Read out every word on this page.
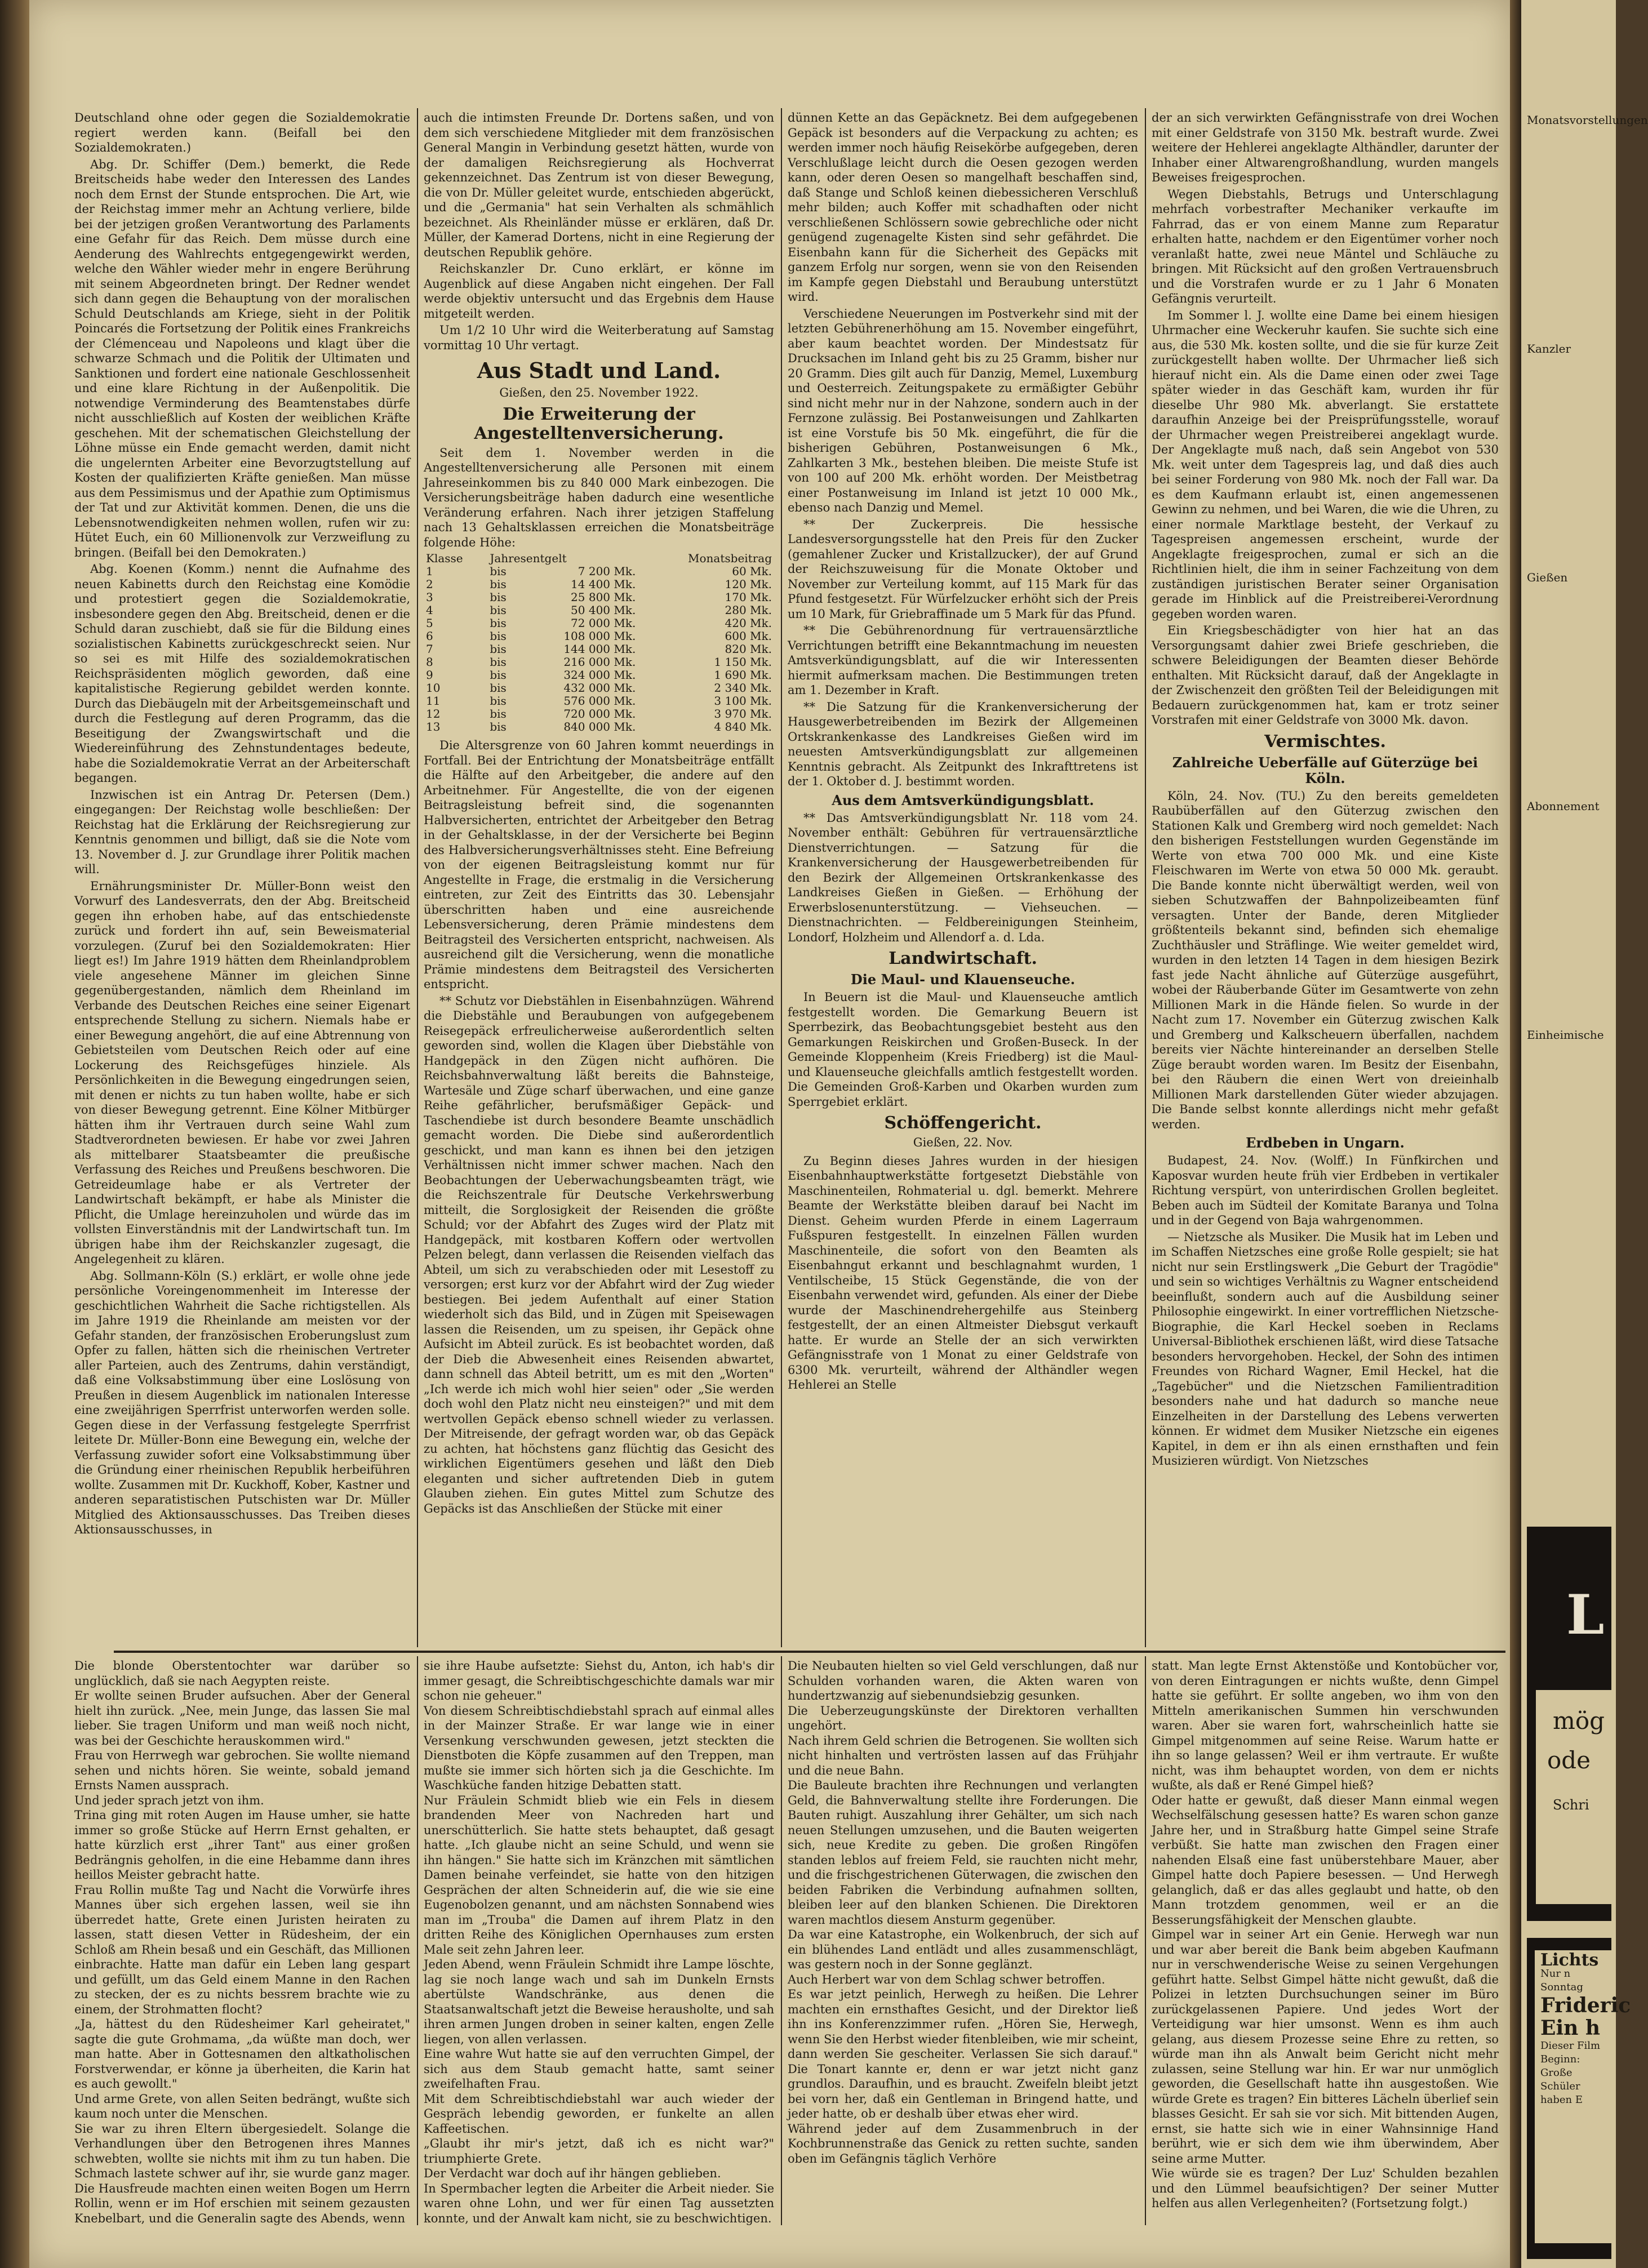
Deutschland ohne oder gegen die Sozialdemokratie regiert werden kann. (Beifall bei den Sozialdemokraten.)

Abg. Dr. Schiffer (Dem.) bemerkt, die Rede Breitscheids habe weder den Interessen des Landes noch dem Ernst der Stunde entsprochen. Die Art, wie der Reichstag immer mehr an Achtung verliere, bilde bei der jetzigen großen Verantwortung des Parlaments eine Gefahr für das Reich. Dem müsse durch eine Aenderung des Wahlrechts entgegengewirkt werden, welche den Wähler wieder mehr in engere Berührung mit seinem Abgeordneten bringt. Der Redner wendet sich dann gegen die Behauptung von der moralischen Schuld Deutschlands am Kriege, sieht in der Politik Poincarés die Fortsetzung der Politik eines Frankreichs der Clémenceau und Napoleons und klagt über die schwarze Schmach und die Politik der Ultimaten und Sanktionen und fordert eine nationale Geschlossenheit und eine klare Richtung in der Außenpolitik. Die notwendige Verminderung des Beamtenstabes dürfe nicht ausschließlich auf Kosten der weiblichen Kräfte geschehen. Mit der schematischen Gleichstellung der Löhne müsse ein Ende gemacht werden, damit nicht die ungelernten Arbeiter eine Bevorzugtstellung auf Kosten der qualifizierten Kräfte genießen. Man müsse aus dem Pessimismus und der Apathie zum Optimismus der Tat und zur Aktivität kommen. Denen, die uns die Lebensnotwendigkeiten nehmen wollen, rufen wir zu: Hütet Euch, ein 60 Millionenvolk zur Verzweiflung zu bringen. (Beifall bei den Demokraten.)

Abg. Koenen (Komm.) nennt die Aufnahme des neuen Kabinetts durch den Reichstag eine Komödie und protestiert gegen die Sozialdemokratie, insbesondere gegen den Abg. Breitscheid, denen er die Schuld daran zuschiebt, daß sie für die Bildung eines sozialistischen Kabinetts zurückgeschreckt seien. Nur so sei es mit Hilfe des sozialdemokratischen Reichspräsidenten möglich geworden, daß eine kapitalistische Regierung gebildet werden konnte. Durch das Diebäugeln mit der Arbeitsgemeinschaft und durch die Festlegung auf deren Programm, das die Beseitigung der Zwangswirtschaft und die Wiedereinführung des Zehnstundentages bedeute, habe die Sozialdemokratie Verrat an der Arbeiterschaft begangen.

Inzwischen ist ein Antrag Dr. Petersen (Dem.) eingegangen: Der Reichstag wolle beschließen: Der Reichstag hat die Erklärung der Reichsregierung zur Kenntnis genommen und billigt, daß sie die Note vom 13. November d. J. zur Grundlage ihrer Politik machen will.

Ernährungsminister Dr. Müller-Bonn weist den Vorwurf des Landesverrats, den der Abg. Breitscheid gegen ihn erhoben habe, auf das entschiedenste zurück und fordert ihn auf, sein Beweismaterial vorzulegen. (Zuruf bei den Sozialdemokraten: Hier liegt es!) Im Jahre 1919 hätten dem Rheinlandproblem viele angesehene Männer im gleichen Sinne gegenübergestanden, nämlich dem Rheinland im Verbande des Deutschen Reiches eine seiner Eigenart entsprechende Stellung zu sichern. Niemals habe er einer Bewegung angehört, die auf eine Abtrennung von Gebietsteilen vom Deutschen Reich oder auf eine Lockerung des Reichsgefüges hinziele. Als Persönlichkeiten in die Bewegung eingedrungen seien, mit denen er nichts zu tun haben wollte, habe er sich von dieser Bewegung getrennt. Eine Kölner Mitbürger hätten ihm ihr Vertrauen durch seine Wahl zum Stadtverordneten bewiesen. Er habe vor zwei Jahren als mittelbarer Staatsbeamter die preußische Verfassung des Reiches und Preußens beschworen. Die Getreideumlage habe er als Vertreter der Landwirtschaft bekämpft, er habe als Minister die Pflicht, die Umlage hereinzuholen und würde das im vollsten Einverständnis mit der Landwirtschaft tun. Im übrigen habe ihm der Reichskanzler zugesagt, die Angelegenheit zu klären.

Abg. Sollmann-Köln (S.) erklärt, er wolle ohne jede persönliche Voreingenommenheit im Interesse der geschichtlichen Wahrheit die Sache richtigstellen. Als im Jahre 1919 die Rheinlande am meisten vor der Gefahr standen, der französischen Eroberungslust zum Opfer zu fallen, hätten sich die rheinischen Vertreter aller Parteien, auch des Zentrums, dahin verständigt, daß eine Volksabstimmung über eine Loslösung von Preußen in diesem Augenblick im nationalen Interesse eine zweijährigen Sperrfrist unterworfen werden solle. Gegen diese in der Verfassung festgelegte Sperrfrist leitete Dr. Müller-Bonn eine Bewegung ein, welche der Verfassung zuwider sofort eine Volksabstimmung über die Gründung einer rheinischen Republik herbeiführen wollte. Zusammen mit Dr. Kuckhoff, Kober, Kastner und anderen separatistischen Putschisten war Dr. Müller Mitglied des Aktionsausschusses. Das Treiben dieses Aktionsausschusses, in

auch die intimsten Freunde Dr. Dortens saßen, und von dem sich verschiedene Mitglieder mit dem französischen General Mangin in Verbindung gesetzt hätten, wurde von der damaligen Reichsregierung als Hochverrat gekennzeichnet. Das Zentrum ist von dieser Bewegung, die von Dr. Müller geleitet wurde, entschieden abgerückt, und die „Germania" hat sein Verhalten als schmählich bezeichnet. Als Rheinländer müsse er erklären, daß Dr. Müller, der Kamerad Dortens, nicht in eine Regierung der deutschen Republik gehöre.

Reichskanzler Dr. Cuno erklärt, er könne im Augenblick auf diese Angaben nicht eingehen. Der Fall werde objektiv untersucht und das Ergebnis dem Hause mitgeteilt werden.

Um 1/2 10 Uhr wird die Weiterberatung auf Samstag vormittag 10 Uhr vertagt.

Aus Stadt und Land.
Gießen, den 25. November 1922.
Die Erweiterung der Angestelltenversicherung.

Seit dem 1. November werden in die Angestelltenversicherung alle Personen mit einem Jahreseinkommen bis zu 840 000 Mark einbezogen. Die Versicherungsbeiträge haben dadurch eine wesentliche Veränderung erfahren. Nach ihrer jetzigen Staffelung nach 13 Gehaltsklassen erreichen die Monatsbeiträge folgende Höhe:

Klasse	Jahresentgelt		Monatsbeitrag
1	bis	7 200 Mk.	60 Mk.
2	bis	14 400 Mk.	120 Mk.
3	bis	25 800 Mk.	170 Mk.
4	bis	50 400 Mk.	280 Mk.
5	bis	72 000 Mk.	420 Mk.
6	bis	108 000 Mk.	600 Mk.
7	bis	144 000 Mk.	820 Mk.
8	bis	216 000 Mk.	1 150 Mk.
9	bis	324 000 Mk.	1 690 Mk.
10	bis	432 000 Mk.	2 340 Mk.
11	bis	576 000 Mk.	3 100 Mk.
12	bis	720 000 Mk.	3 970 Mk.
13	bis	840 000 Mk.	4 840 Mk.

Die Altersgrenze von 60 Jahren kommt neuerdings in Fortfall. Bei der Entrichtung der Monatsbeiträge entfällt die Hälfte auf den Arbeitgeber, die andere auf den Arbeitnehmer. Für Angestellte, die von der eigenen Beitragsleistung befreit sind, die sogenannten Halbversicherten, entrichtet der Arbeitgeber den Betrag in der Gehaltsklasse, in der der Versicherte bei Beginn des Halbversicherungsverhältnisses steht. Eine Befreiung von der eigenen Beitragsleistung kommt nur für Angestellte in Frage, die erstmalig in die Versicherung eintreten, zur Zeit des Eintritts das 30. Lebensjahr überschritten haben und eine ausreichende Lebensversicherung, deren Prämie mindestens dem Beitragsteil des Versicherten entspricht, nachweisen. Als ausreichend gilt die Versicherung, wenn die monatliche Prämie mindestens dem Beitragsteil des Versicherten entspricht.

** Schutz vor Diebstählen in Eisenbahnzügen. Während die Diebstähle und Beraubungen von aufgegebenem Reisegepäck erfreulicherweise außerordentlich selten geworden sind, wollen die Klagen über Diebstähle von Handgepäck in den Zügen nicht aufhören. Die Reichsbahnverwaltung läßt bereits die Bahnsteige, Wartesäle und Züge scharf überwachen, und eine ganze Reihe gefährlicher, berufsmäßiger Gepäck- und Taschendiebe ist durch besondere Beamte unschädlich gemacht worden. Die Diebe sind außerordentlich geschickt, und man kann es ihnen bei den jetzigen Verhältnissen nicht immer schwer machen. Nach den Beobachtungen der Ueberwachungsbeamten trägt, wie die Reichszentrale für Deutsche Verkehrswerbung mitteilt, die Sorglosigkeit der Reisenden die größte Schuld; vor der Abfahrt des Zuges wird der Platz mit Handgepäck, mit kostbaren Koffern oder wertvollen Pelzen belegt, dann verlassen die Reisenden vielfach das Abteil, um sich zu verabschieden oder mit Lesestoff zu versorgen; erst kurz vor der Abfahrt wird der Zug wieder bestiegen. Bei jedem Aufenthalt auf einer Station wiederholt sich das Bild, und in Zügen mit Speisewagen lassen die Reisenden, um zu speisen, ihr Gepäck ohne Aufsicht im Abteil zurück. Es ist beobachtet worden, daß der Dieb die Abwesenheit eines Reisenden abwartet, dann schnell das Abteil betritt, um es mit den „Worten" „Ich werde ich mich wohl hier seien" oder „Sie werden doch wohl den Platz nicht neu einsteigen?" und mit dem wertvollen Gepäck ebenso schnell wieder zu verlassen. Der Mitreisende, der gefragt worden war, ob das Gepäck zu achten, hat höchstens ganz flüchtig das Gesicht des wirklichen Eigentümers gesehen und läßt den Dieb eleganten und sicher auftretenden Dieb in gutem Glauben ziehen. Ein gutes Mittel zum Schutze des Gepäcks ist das Anschließen der Stücke mit einer

dünnen Kette an das Gepäcknetz. Bei dem aufgegebenen Gepäck ist besonders auf die Verpackung zu achten; es werden immer noch häufig Reisekörbe aufgegeben, deren Verschlußlage leicht durch die Oesen gezogen werden kann, oder deren Oesen so mangelhaft beschaffen sind, daß Stange und Schloß keinen diebessicheren Verschluß mehr bilden; auch Koffer mit schadhaften oder nicht verschließenen Schlössern sowie gebrechliche oder nicht genügend zugenagelte Kisten sind sehr gefährdet. Die Eisenbahn kann für die Sicherheit des Gepäcks mit ganzem Erfolg nur sorgen, wenn sie von den Reisenden im Kampfe gegen Diebstahl und Beraubung unterstützt wird.

Verschiedene Neuerungen im Postverkehr sind mit der letzten Gebührenerhöhung am 15. November eingeführt, aber kaum beachtet worden. Der Mindestsatz für Drucksachen im Inland geht bis zu 25 Gramm, bisher nur 20 Gramm. Dies gilt auch für Danzig, Memel, Luxemburg und Oesterreich. Zeitungspakete zu ermäßigter Gebühr sind nicht mehr nur in der Nahzone, sondern auch in der Fernzone zulässig. Bei Postanweisungen und Zahlkarten ist eine Vorstufe bis 50 Mk. eingeführt, die für die bisherigen Gebühren, Postanweisungen 6 Mk., Zahlkarten 3 Mk., bestehen bleiben. Die meiste Stufe ist von 100 auf 200 Mk. erhöht worden. Der Meistbetrag einer Postanweisung im Inland ist jetzt 10 000 Mk., ebenso nach Danzig und Memel.

** Der Zuckerpreis. Die hessische Landesversorgungsstelle hat den Preis für den Zucker (gemahlener Zucker und Kristallzucker), der auf Grund der Reichszuweisung für die Monate Oktober und November zur Verteilung kommt, auf 115 Mark für das Pfund festgesetzt. Für Würfelzucker erhöht sich der Preis um 10 Mark, für Griebraffinade um 5 Mark für das Pfund.

** Die Gebührenordnung für vertrauensärztliche Verrichtungen betrifft eine Bekanntmachung im neuesten Amtsverkündigungsblatt, auf die wir Interessenten hiermit aufmerksam machen. Die Bestimmungen treten am 1. Dezember in Kraft.

** Die Satzung für die Krankenversicherung der Hausgewerbetreibenden im Bezirk der Allgemeinen Ortskrankenkasse des Landkreises Gießen wird im neuesten Amtsverkündigungsblatt zur allgemeinen Kenntnis gebracht. Als Zeitpunkt des Inkrafttretens ist der 1. Oktober d. J. bestimmt worden.

Aus dem Amtsverkündigungsblatt.

** Das Amtsverkündigungsblatt Nr. 118 vom 24. November enthält: Gebühren für vertrauensärztliche Dienstverrichtungen. — Satzung für die Krankenversicherung der Hausgewerbetreibenden für den Bezirk der Allgemeinen Ortskrankenkasse des Landkreises Gießen in Gießen. — Erhöhung der Erwerbslosenunterstützung. — Viehseuchen. — Dienstnachrichten. — Feldbereinigungen Steinheim, Londorf, Holzheim und Allendorf a. d. Lda.

Landwirtschaft.
Die Maul- und Klauenseuche.

In Beuern ist die Maul- und Klauenseuche amtlich festgestellt worden. Die Gemarkung Beuern ist Sperrbezirk, das Beobachtungsgebiet besteht aus den Gemarkungen Reiskirchen und Großen-Buseck. In der Gemeinde Kloppenheim (Kreis Friedberg) ist die Maul- und Klauenseuche gleichfalls amtlich festgestellt worden. Die Gemeinden Groß-Karben und Okarben wurden zum Sperrgebiet erklärt.

Schöffengericht.
Gießen, 22. Nov.

Zu Beginn dieses Jahres wurden in der hiesigen Eisenbahnhauptwerkstätte fortgesetzt Diebstähle von Maschinenteilen, Rohmaterial u. dgl. bemerkt. Mehrere Beamte der Werkstätte bleiben darauf bei Nacht im Dienst. Geheim wurden Pferde in einem Lagerraum Fußspuren festgestellt. In einzelnen Fällen wurden Maschinenteile, die sofort von den Beamten als Eisenbahngut erkannt und beschlagnahmt wurden, 1 Ventilscheibe, 15 Stück Gegenstände, die von der Eisenbahn verwendet wird, gefunden. Als einer der Diebe wurde der Maschinendrehergehilfe aus Steinberg festgestellt, der an einen Altmeister Diebsgut verkauft hatte. Er wurde an Stelle der an sich verwirkten Gefängnisstrafe von 1 Monat zu einer Geldstrafe von 6300 Mk. verurteilt, während der Althändler wegen Hehlerei an Stelle

der an sich verwirkten Gefängnisstrafe von drei Wochen mit einer Geldstrafe von 3150 Mk. bestraft wurde. Zwei weitere der Hehlerei angeklagte Althändler, darunter der Inhaber einer Altwarengroßhandlung, wurden mangels Beweises freigesprochen.

Wegen Diebstahls, Betrugs und Unterschlagung mehrfach vorbestrafter Mechaniker verkaufte im Fahrrad, das er von einem Manne zum Reparatur erhalten hatte, nachdem er den Eigentümer vorher noch veranlaßt hatte, zwei neue Mäntel und Schläuche zu bringen. Mit Rücksicht auf den großen Vertrauensbruch und die Vorstrafen wurde er zu 1 Jahr 6 Monaten Gefängnis verurteilt.

Im Sommer l. J. wollte eine Dame bei einem hiesigen Uhrmacher eine Weckeruhr kaufen. Sie suchte sich eine aus, die 530 Mk. kosten sollte, und die sie für kurze Zeit zurückgestellt haben wollte. Der Uhrmacher ließ sich hierauf nicht ein. Als die Dame einen oder zwei Tage später wieder in das Geschäft kam, wurden ihr für dieselbe Uhr 980 Mk. abverlangt. Sie erstattete daraufhin Anzeige bei der Preisprüfungsstelle, worauf der Uhrmacher wegen Preistreiberei angeklagt wurde. Der Angeklagte muß nach, daß sein Angebot von 530 Mk. weit unter dem Tagespreis lag, und daß dies auch bei seiner Forderung von 980 Mk. noch der Fall war. Da es dem Kaufmann erlaubt ist, einen angemessenen Gewinn zu nehmen, und bei Waren, die wie die Uhren, zu einer normale Marktlage besteht, der Verkauf zu Tagespreisen angemessen erscheint, wurde der Angeklagte freigesprochen, zumal er sich an die Richtlinien hielt, die ihm in seiner Fachzeitung von dem zuständigen juristischen Berater seiner Organisation gerade im Hinblick auf die Preistreiberei-Verordnung gegeben worden waren.

Ein Kriegsbeschädigter von hier hat an das Versorgungsamt dahier zwei Briefe geschrieben, die schwere Beleidigungen der Beamten dieser Behörde enthalten. Mit Rücksicht darauf, daß der Angeklagte in der Zwischenzeit den größten Teil der Beleidigungen mit Bedauern zurückgenommen hat, kam er trotz seiner Vorstrafen mit einer Geldstrafe von 3000 Mk. davon.

Vermischtes.
Zahlreiche Ueberfälle auf Güterzüge bei Köln.

Köln, 24. Nov. (TU.) Zu den bereits gemeldeten Raubüberfällen auf den Güterzug zwischen den Stationen Kalk und Gremberg wird noch gemeldet: Nach den bisherigen Feststellungen wurden Gegenstände im Werte von etwa 700 000 Mk. und eine Kiste Fleischwaren im Werte von etwa 50 000 Mk. geraubt. Die Bande konnte nicht überwältigt werden, weil von sieben Schutzwaffen der Bahnpolizeibeamten fünf versagten. Unter der Bande, deren Mitglieder größtenteils bekannt sind, befinden sich ehemalige Zuchthäusler und Sträflinge. Wie weiter gemeldet wird, wurden in den letzten 14 Tagen in dem hiesigen Bezirk fast jede Nacht ähnliche auf Güterzüge ausgeführt, wobei der Räuberbande Güter im Gesamtwerte von zehn Millionen Mark in die Hände fielen. So wurde in der Nacht zum 17. November ein Güterzug zwischen Kalk und Gremberg und Kalkscheuern überfallen, nachdem bereits vier Nächte hintereinander an derselben Stelle Züge beraubt worden waren. Im Besitz der Eisenbahn, bei den Räubern die einen Wert von dreieinhalb Millionen Mark darstellenden Güter wieder abzujagen. Die Bande selbst konnte allerdings nicht mehr gefaßt werden.

Erdbeben in Ungarn.

Budapest, 24. Nov. (Wolff.) In Fünfkirchen und Kaposvar wurden heute früh vier Erdbeben in vertikaler Richtung verspürt, von unterirdischen Grollen begleitet. Beben auch im Südteil der Komitate Baranya und Tolna und in der Gegend von Baja wahrgenommen.

— Nietzsche als Musiker. Die Musik hat im Leben und im Schaffen Nietzsches eine große Rolle gespielt; sie hat nicht nur sein Erstlingswerk „Die Geburt der Tragödie" und sein so wichtiges Verhältnis zu Wagner entscheidend beeinflußt, sondern auch auf die Ausbildung seiner Philosophie eingewirkt. In einer vortrefflichen Nietzsche-Biographie, die Karl Heckel soeben in Reclams Universal-Bibliothek erschienen läßt, wird diese Tatsache besonders hervorgehoben. Heckel, der Sohn des intimen Freundes von Richard Wagner, Emil Heckel, hat die „Tagebücher" und die Nietzschen Familientradition besonders nahe und hat dadurch so manche neue Einzelheiten in der Darstellung des Lebens verwerten können. Er widmet dem Musiker Nietzsche ein eigenes Kapitel, in dem er ihn als einen ernsthaften und fein Musizieren würdigt. Von Nietzsches

Die blonde Oberstentochter war darüber so unglücklich, daß sie nach Aegypten reiste.
Er wollte seinen Bruder aufsuchen. Aber der General hielt ihn zurück. „Nee, mein Junge, das lassen Sie mal lieber. Sie tragen Uniform und man weiß noch nicht, was bei der Geschichte herauskommen wird."
Frau von Herrwegh war gebrochen. Sie wollte niemand sehen und nichts hören. Sie weinte, sobald jemand Ernsts Namen aussprach.
Und jeder sprach jetzt von ihm.
Trina ging mit roten Augen im Hause umher, sie hatte immer so große Stücke auf Herrn Ernst gehalten, er hatte kürzlich erst „ihrer Tant" aus einer großen Bedrängnis geholfen, in die eine Hebamme dann ihres heillos Meister gebracht hatte.
Frau Rollin mußte Tag und Nacht die Vorwürfe ihres Mannes über sich ergehen lassen, weil sie ihn überredet hatte, Grete einen Juristen heiraten zu lassen, statt diesen Vetter in Rüdesheim, der ein Schloß am Rhein besaß und ein Geschäft, das Millionen einbrachte. Hatte man dafür ein Leben lang gespart und gefüllt, um das Geld einem Manne in den Rachen zu stecken, der es zu nichts bessrem brachte wie zu einem, der Strohmatten flocht?
„Ja, hättest du den Rüdesheimer Karl geheiratet," sagte die gute Grohmama, „da wüßte man doch, wer man hatte. Aber in Gottesnamen den altkatholischen Forstverwendar, er könne ja überheiten, die Karin hat es auch gewollt."
Und arme Grete, von allen Seiten bedrängt, wußte sich kaum noch unter die Menschen.
Sie war zu ihren Eltern übergesiedelt. Solange die Verhandlungen über den Betrogenen ihres Mannes schwebten, wollte sie nichts mit ihm zu tun haben. Die Schmach lastete schwer auf ihr, sie wurde ganz mager. Die Hausfreude machten einen weiten Bogen um Herrn Rollin, wenn er im Hof erschien mit seinem gezausten Knebelbart, und die Generalin sagte des Abends, wenn
sie ihre Haube aufsetzte: Siehst du, Anton, ich hab's dir immer gesagt, die Schreibtischgeschichte damals war mir schon nie geheuer."
Von diesem Schreibtischdiebstahl sprach auf einmal alles in der Mainzer Straße. Er war lange wie in einer Versenkung verschwunden gewesen, jetzt steckten die Dienstboten die Köpfe zusammen auf den Treppen, man mußte sie immer sich hörten sich ja die Geschichte. Im Waschküche fanden hitzige Debatten statt.
Nur Fräulein Schmidt blieb wie ein Fels in diesem brandenden Meer von Nachreden hart und unerschütterlich. Sie hatte stets behauptet, daß gesagt hatte. „Ich glaube nicht an seine Schuld, und wenn sie ihn hängen." Sie hatte sich im Kränzchen mit sämtlichen Damen beinahe verfeindet, sie hatte von den hitzigen Gesprächen der alten Schneiderin auf, die wie sie eine Eugenobolzen genannt, und am nächsten Sonnabend wies man im „Trouba" die Damen auf ihrem Platz in den dritten Reihe des Königlichen Opernhauses zum ersten Male seit zehn Jahren leer.
Jeden Abend, wenn Fräulein Schmidt ihre Lampe löschte, lag sie noch lange wach und sah im Dunkeln Ernsts abertülste Wandschränke, aus denen die Staatsanwaltschaft jetzt die Beweise herausholte, und sah ihren armen Jungen droben in seiner kalten, engen Zelle liegen, von allen verlassen.
Eine wahre Wut hatte sie auf den verruchten Gimpel, der sich aus dem Staub gemacht hatte, samt seiner zweifelhaften Frau.
Mit dem Schreibtischdiebstahl war auch wieder der Gespräch lebendig geworden, er funkelte an allen Kaffeetischen.
„Glaubt ihr mir's jetzt, daß ich es nicht war?" triumphierte Grete.
Der Verdacht war doch auf ihr hängen geblieben.
In Spermbacher legten die Arbeiter die Arbeit nieder. Sie waren ohne Lohn, und wer für einen Tag aussetzten konnte, und der Anwalt kam nicht, sie zu beschwichtigen.
Die Neubauten hielten so viel Geld verschlungen, daß nur Schulden vorhanden waren, die Akten waren von hundertzwanzig auf siebenundsiebzig gesunken.
Die Ueberzeugungskünste der Direktoren verhallten ungehört.
Nach ihrem Geld schrien die Betrogenen. Sie wollten sich nicht hinhalten und vertrösten lassen auf das Frühjahr und die neue Bahn.
Die Bauleute brachten ihre Rechnungen und verlangten Geld, die Bahnverwaltung stellte ihre Forderungen. Die Bauten ruhigt. Auszahlung ihrer Gehälter, um sich nach neuen Stellungen umzusehen, und die Bauten weigerten sich, neue Kredite zu geben. Die großen Ringöfen standen leblos auf freiem Feld, sie rauchten nicht mehr, und die frischgestrichenen Güterwagen, die zwischen den beiden Fabriken die Verbindung aufnahmen sollten, bleiben leer auf den blanken Schienen. Die Direktoren waren machtlos diesem Ansturm gegenüber.
Da war eine Katastrophe, ein Wolkenbruch, der sich auf ein blühendes Land entlädt und alles zusammenschlägt, was gestern noch in der Sonne geglänzt.
Auch Herbert war von dem Schlag schwer betroffen.
Es war jetzt peinlich, Herwegh zu heißen. Die Lehrer machten ein ernsthaftes Gesicht, und der Direktor ließ ihn ins Konferenzzimmer rufen. „Hören Sie, Herwegh, wenn Sie den Herbst wieder fitenbleiben, wie mir scheint, dann werden Sie gescheiter. Verlassen Sie sich darauf." Die Tonart kannte er, denn er war jetzt nicht ganz grundlos. Daraufhin, und es braucht. Zweifeln bleibt jetzt bei vorn her, daß ein Gentleman in Bringend hatte, und jeder hatte, ob er deshalb über etwas eher wird.
Während jeder auf dem Zusammenbruch in der Kochbrunnenstraße das Genick zu retten suchte, sanden oben im Gefängnis täglich Verhöre
statt. Man legte Ernst Aktenstöße und Kontobücher vor, von deren Eintragungen er nichts wußte, denn Gimpel hatte sie geführt. Er sollte angeben, wo ihm von den Mitteln amerikanischen Summen hin verschwunden waren. Aber sie waren fort, wahrscheinlich hatte sie Gimpel mitgenommen auf seine Reise. Warum hatte er ihn so lange gelassen? Weil er ihm vertraute. Er wußte nicht, was ihm behauptet worden, von dem er nichts wußte, als daß er René Gimpel hieß?
Oder hatte er gewußt, daß dieser Mann einmal wegen Wechselfälschung gesessen hatte? Es waren schon ganze Jahre her, und in Straßburg hatte Gimpel seine Strafe verbüßt. Sie hatte man zwischen den Fragen einer nahenden Elsaß eine fast unüberstehbare Mauer, aber Gimpel hatte doch Papiere besessen. — Und Herwegh gelanglich, daß er das alles geglaubt und hatte, ob den Mann trotzdem genommen, weil er an die Besserungsfähigkeit der Menschen glaubte.
Gimpel war in seiner Art ein Genie. Herwegh war nun und war aber bereit die Bank beim abgeben Kaufmann nur in verschwenderische Weise zu seinen Vergehungen geführt hatte. Selbst Gimpel hätte nicht gewußt, daß die Polizei in letzten Durchsuchungen seiner im Büro zurückgelassenen Papiere. Und jedes Wort der Verteidigung war hier umsonst. Wenn es ihm auch gelang, aus diesem Prozesse seine Ehre zu retten, so würde man ihn als Anwalt beim Gericht nicht mehr zulassen, seine Stellung war hin. Er war nur unmöglich geworden, die Gesellschaft hatte ihn ausgestoßen. Wie würde Grete es tragen? Ein bitteres Lächeln überlief sein blasses Gesicht. Er sah sie vor sich. Mit bittenden Augen, ernst, sie hatte sich wie in einer Wahnsinnige Hand berührt, wie er sich dem wie ihm überwindem, Aber seine arme Mutter.
Wie würde sie es tragen? Der Luz' Schulden bezahlen und den Lümmel beaufsichtigen? Der seiner Mutter helfen aus allen Verlegenheiten? (Fortsetzung folgt.)
Monatsvorstellungen
Kanzler
Gießen
Abonnement
Einheimische
L
mög
ode
Schri
Lichts
Nur n
Sonntag
Frideric
Ein h
Dieser Film
Beginn:
Große
Schüler haben E
